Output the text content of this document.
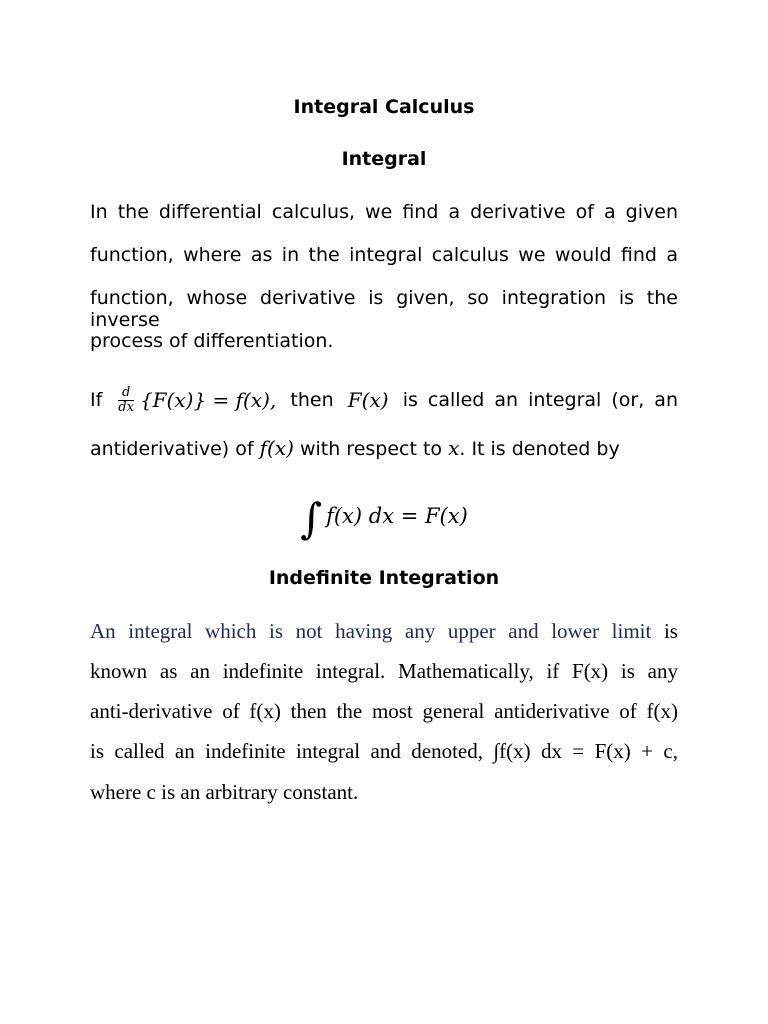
Integral Calculus
Integral
In the differential calculus, we find a derivative of a given
function, where as in the integral calculus we would find a
function, whose derivative is given, so integration is the inverse
process of differentiation.
If $\frac{d}{dx} \{F(x)\} = f(x)$, then F(x) is called an integral (or, an
antiderivative) of f(x) with respect to x. It is denoted by
∫ f(x) dx = F(x)
Indefinite Integration
An integral which is not having any upper and lower limit is
known as an indefinite integral. Mathematically, if F(x) is any
anti-derivative of f(x) then the most general antiderivative of f(x)
is called an indefinite integral and denoted, ∫f(x) dx = F(x) + c,
where c is an arbitrary constant.
